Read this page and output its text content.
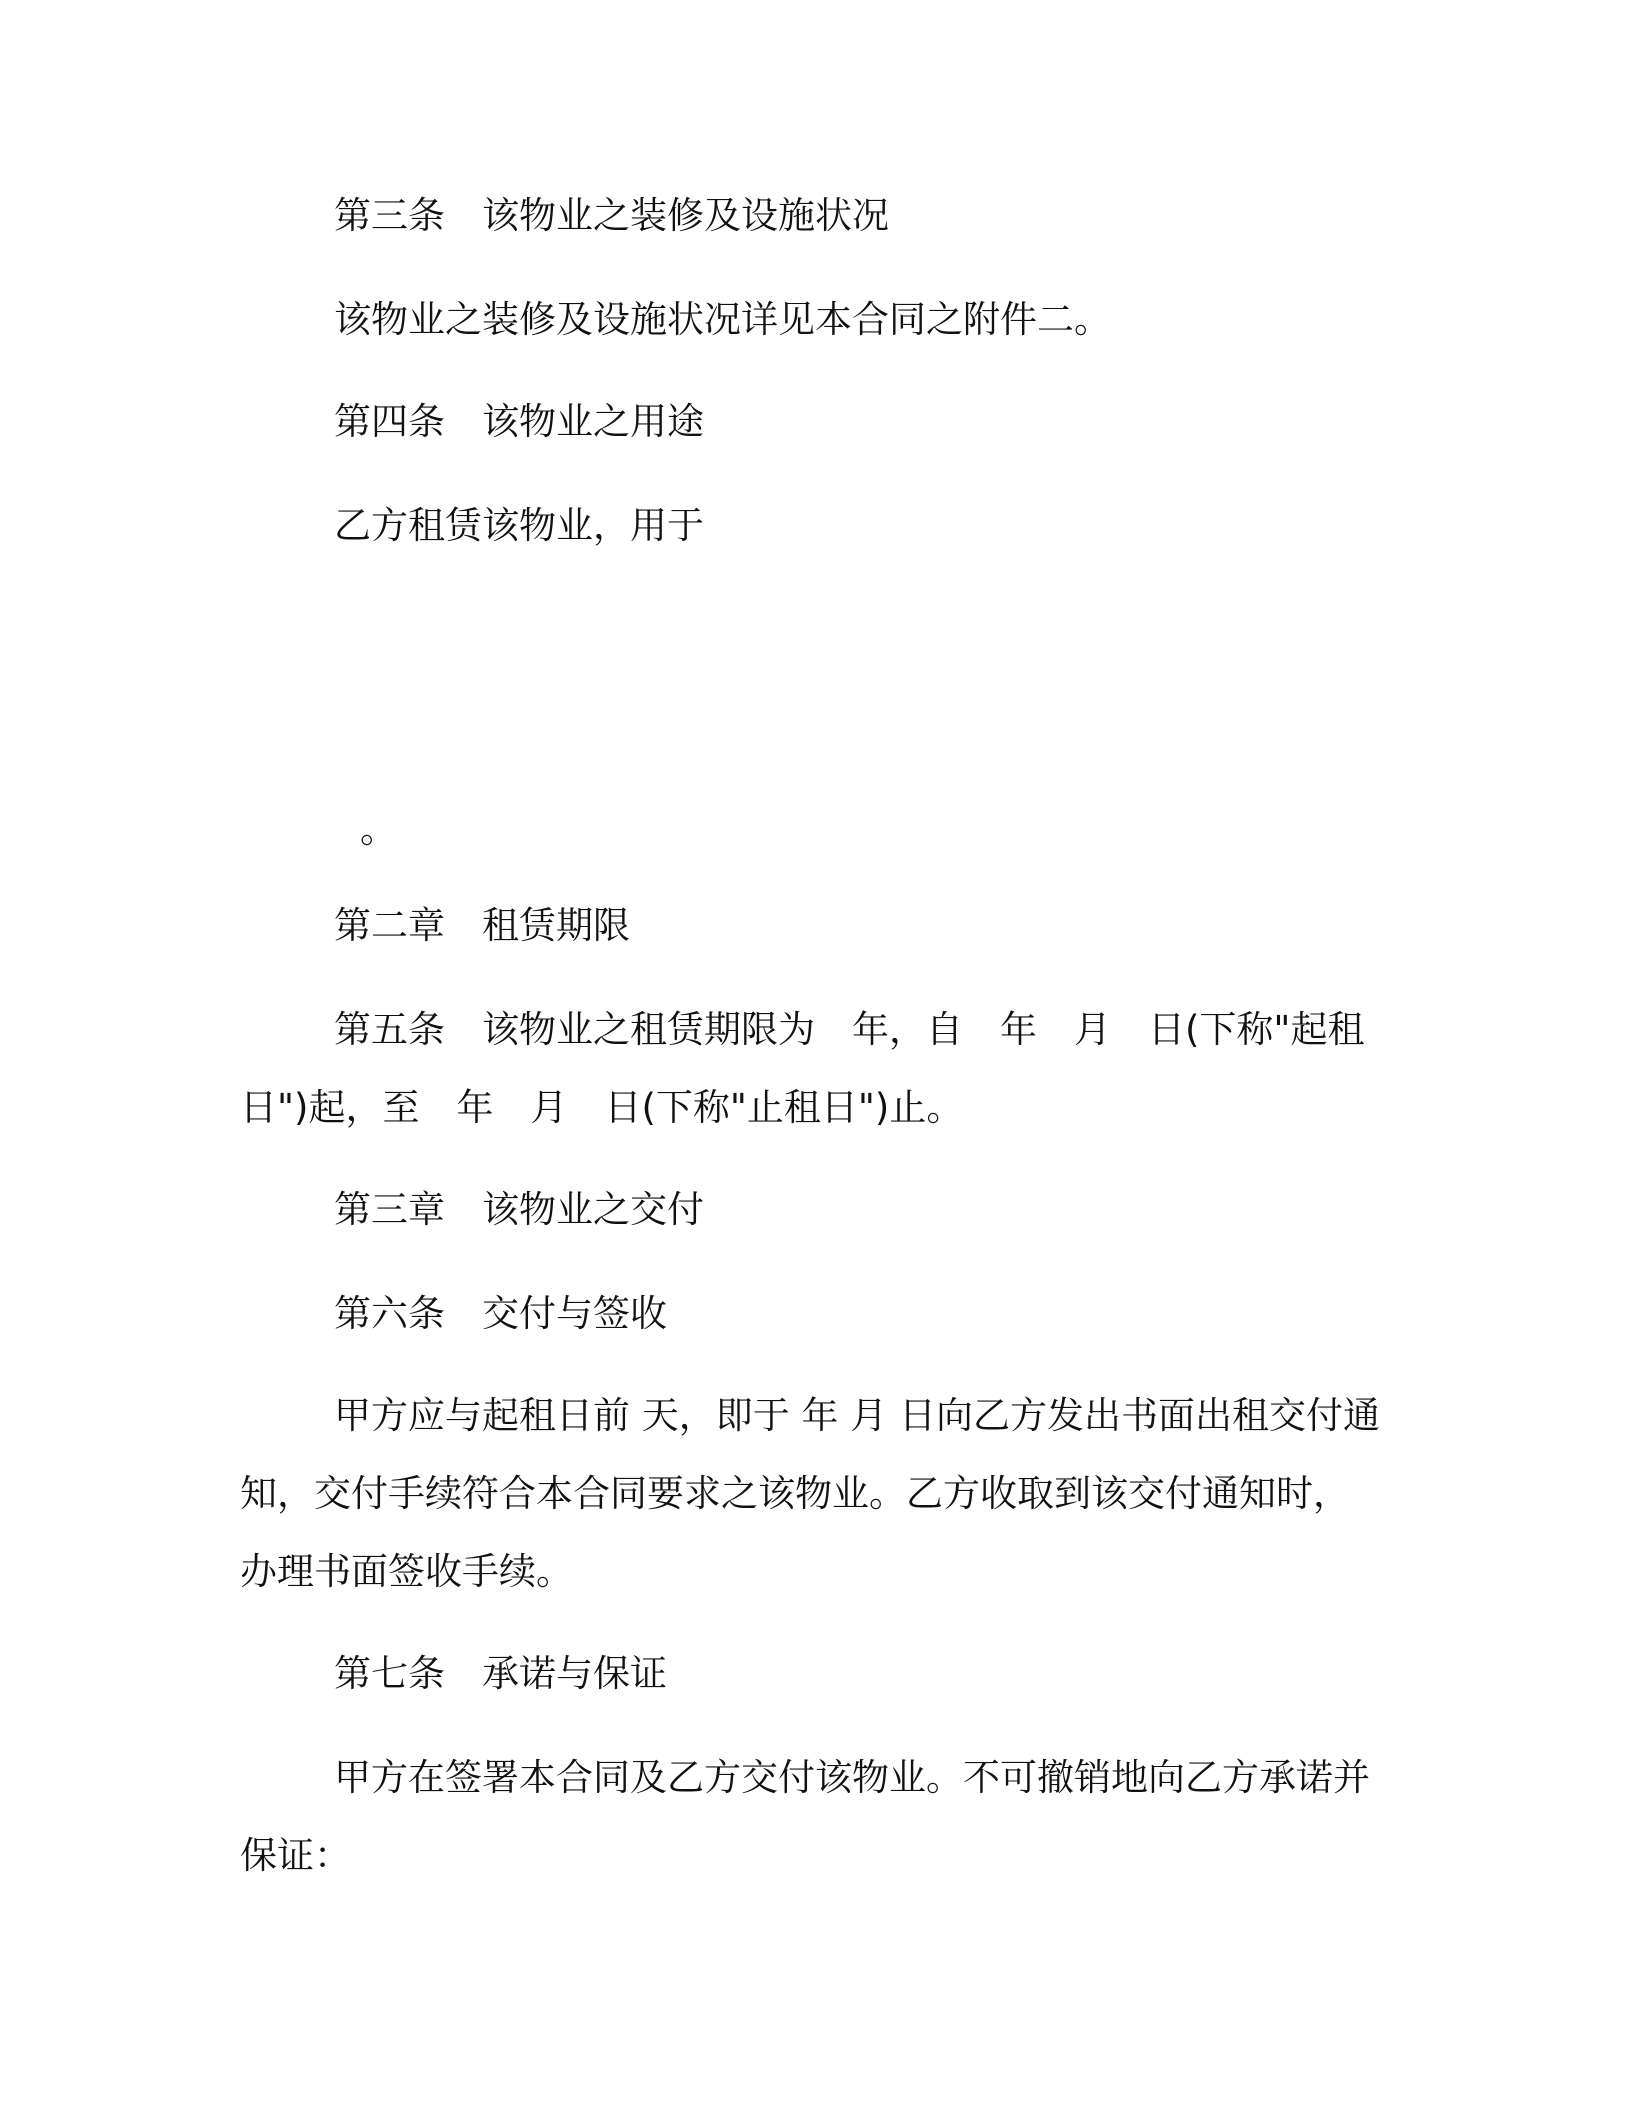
第三条　该物业之装修及设施状况
该物业之装修及设施状况详见本合同之附件二。
第四条　该物业之用途
乙方租赁该物业，用于
。
第二章　租赁期限
第五条　该物业之租赁期限为　年，自　年　月　日(下称"起租
日")起，至　年　月　日(下称"止租日")止。
第三章　该物业之交付
第六条　交付与签收
甲方应与起租日前 天，即于 年 月 日向乙方发出书面出租交付通
知，交付手续符合本合同要求之该物业。乙方收取到该交付通知时，
办理书面签收手续。
第七条　承诺与保证
甲方在签署本合同及乙方交付该物业。不可撤销地向乙方承诺并
保证：
